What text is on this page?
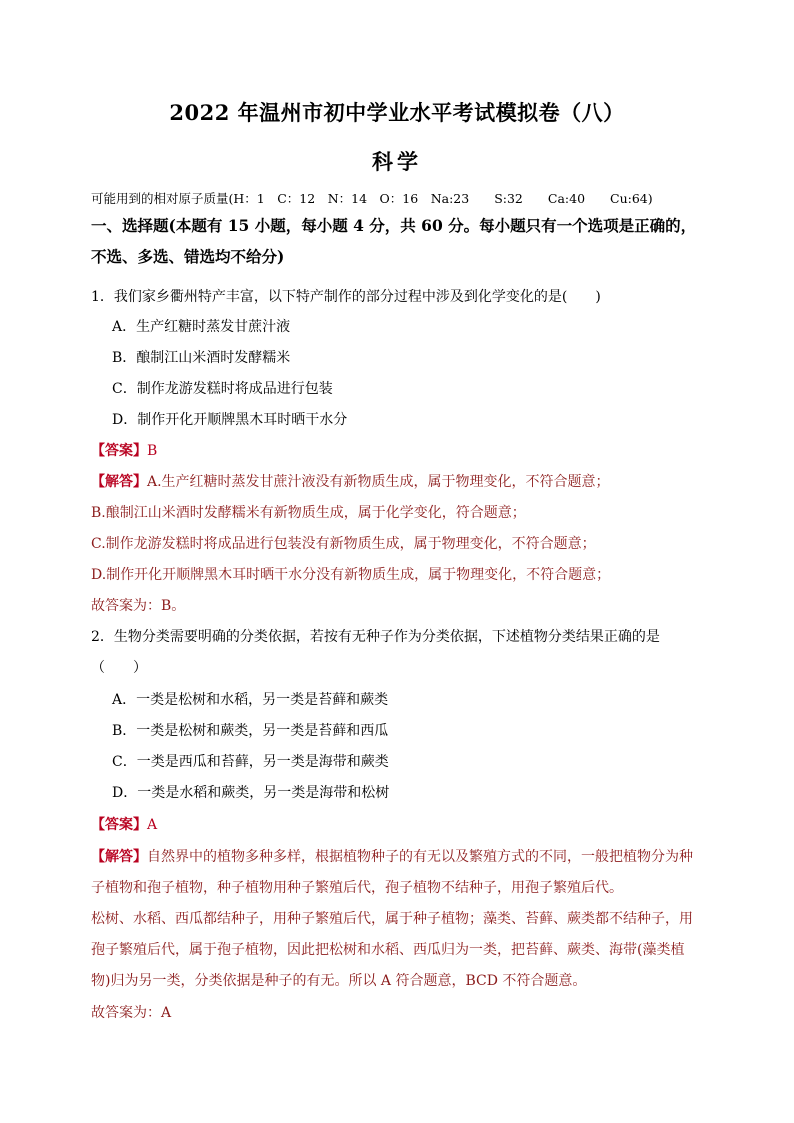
2022 年温州市初中学业水平考试模拟卷（八）
科学
可能用到的相对原子质量(H：1　C：12　N：14　O：16　Na:23　　S:32　　Ca:40　　Cu:64)
一、选择题(本题有 15 小题，每小题 4 分，共 60 分。每小题只有一个选项是正确的，
不选、多选、错选均不给分)
1．我们家乡衢州特产丰富，以下特产制作的部分过程中涉及到化学变化的是(　　)
A．生产红糖时蒸发甘蔗汁液
B．酿制江山米酒时发酵糯米
C．制作龙游发糕时将成品进行包装
D．制作开化开顺牌黑木耳时晒干水分
【答案】B
【解答】A.生产红糖时蒸发甘蔗汁液没有新物质生成，属于物理变化，不符合题意；
B.酿制江山米酒时发酵糯米有新物质生成，属于化学变化，符合题意；
C.制作龙游发糕时将成品进行包装没有新物质生成，属于物理变化，不符合题意；
D.制作开化开顺牌黑木耳时晒干水分没有新物质生成，属于物理变化，不符合题意；
故答案为：B。
2．生物分类需要明确的分类依据，若按有无种子作为分类依据，下述植物分类结果正确的是
（　　）
A．一类是松树和水稻，另一类是苔藓和蕨类
B．一类是松树和蕨类，另一类是苔藓和西瓜
C．一类是西瓜和苔藓，另一类是海带和蕨类
D．一类是水稻和蕨类，另一类是海带和松树
【答案】A
【解答】自然界中的植物多种多样，根据植物种子的有无以及繁殖方式的不同，一般把植物分为种
子植物和孢子植物，种子植物用种子繁殖后代，孢子植物不结种子，用孢子繁殖后代。
松树、水稻、西瓜都结种子，用种子繁殖后代，属于种子植物；藻类、苔藓、蕨类都不结种子，用
孢子繁殖后代，属于孢子植物，因此把松树和水稻、西瓜归为一类，把苔藓、蕨类、海带(藻类植
物)归为另一类，分类依据是种子的有无。所以 A 符合题意，BCD 不符合题意。
故答案为：A
